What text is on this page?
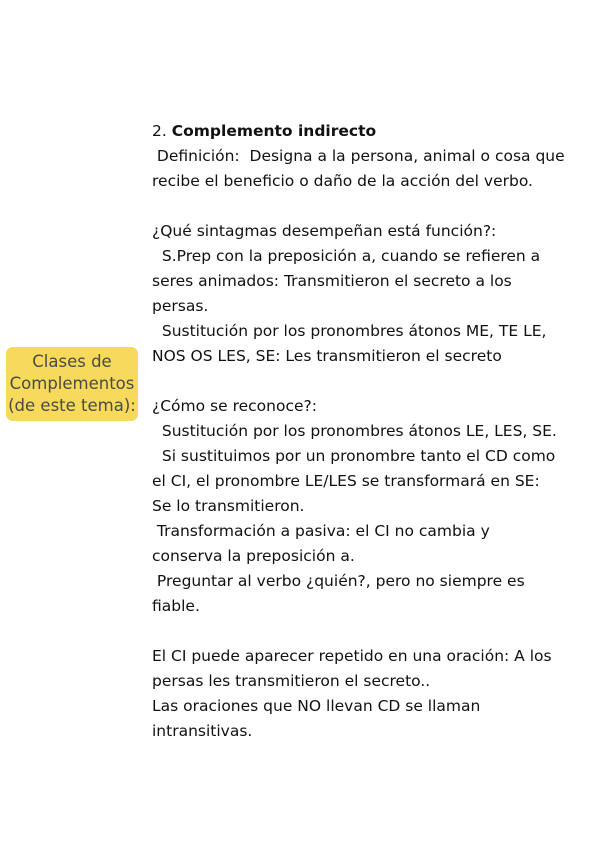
Clases de
Complementos
(de este tema):
2. Complemento indirecto
Definición:  Designa a la persona, animal o cosa que
recibe el beneficio o daño de la acción del verbo.
¿Qué sintagmas desempeñan está función?:
S.Prep con la preposición a, cuando se refieren a
seres animados: Transmitieron el secreto a los
persas.
Sustitución por los pronombres átonos ME, TE LE,
NOS OS LES, SE: Les transmitieron el secreto
¿Cómo se reconoce?:
Sustitución por los pronombres átonos LE, LES, SE.
Si sustituimos por un pronombre tanto el CD como
el CI, el pronombre LE/LES se transformará en SE:
Se lo transmitieron.
Transformación a pasiva: el CI no cambia y
conserva la preposición a.
Preguntar al verbo ¿quién?, pero no siempre es
fiable.
El CI puede aparecer repetido en una oración: A los
persas les transmitieron el secreto..
Las oraciones que NO llevan CD se llaman
intransitivas.
